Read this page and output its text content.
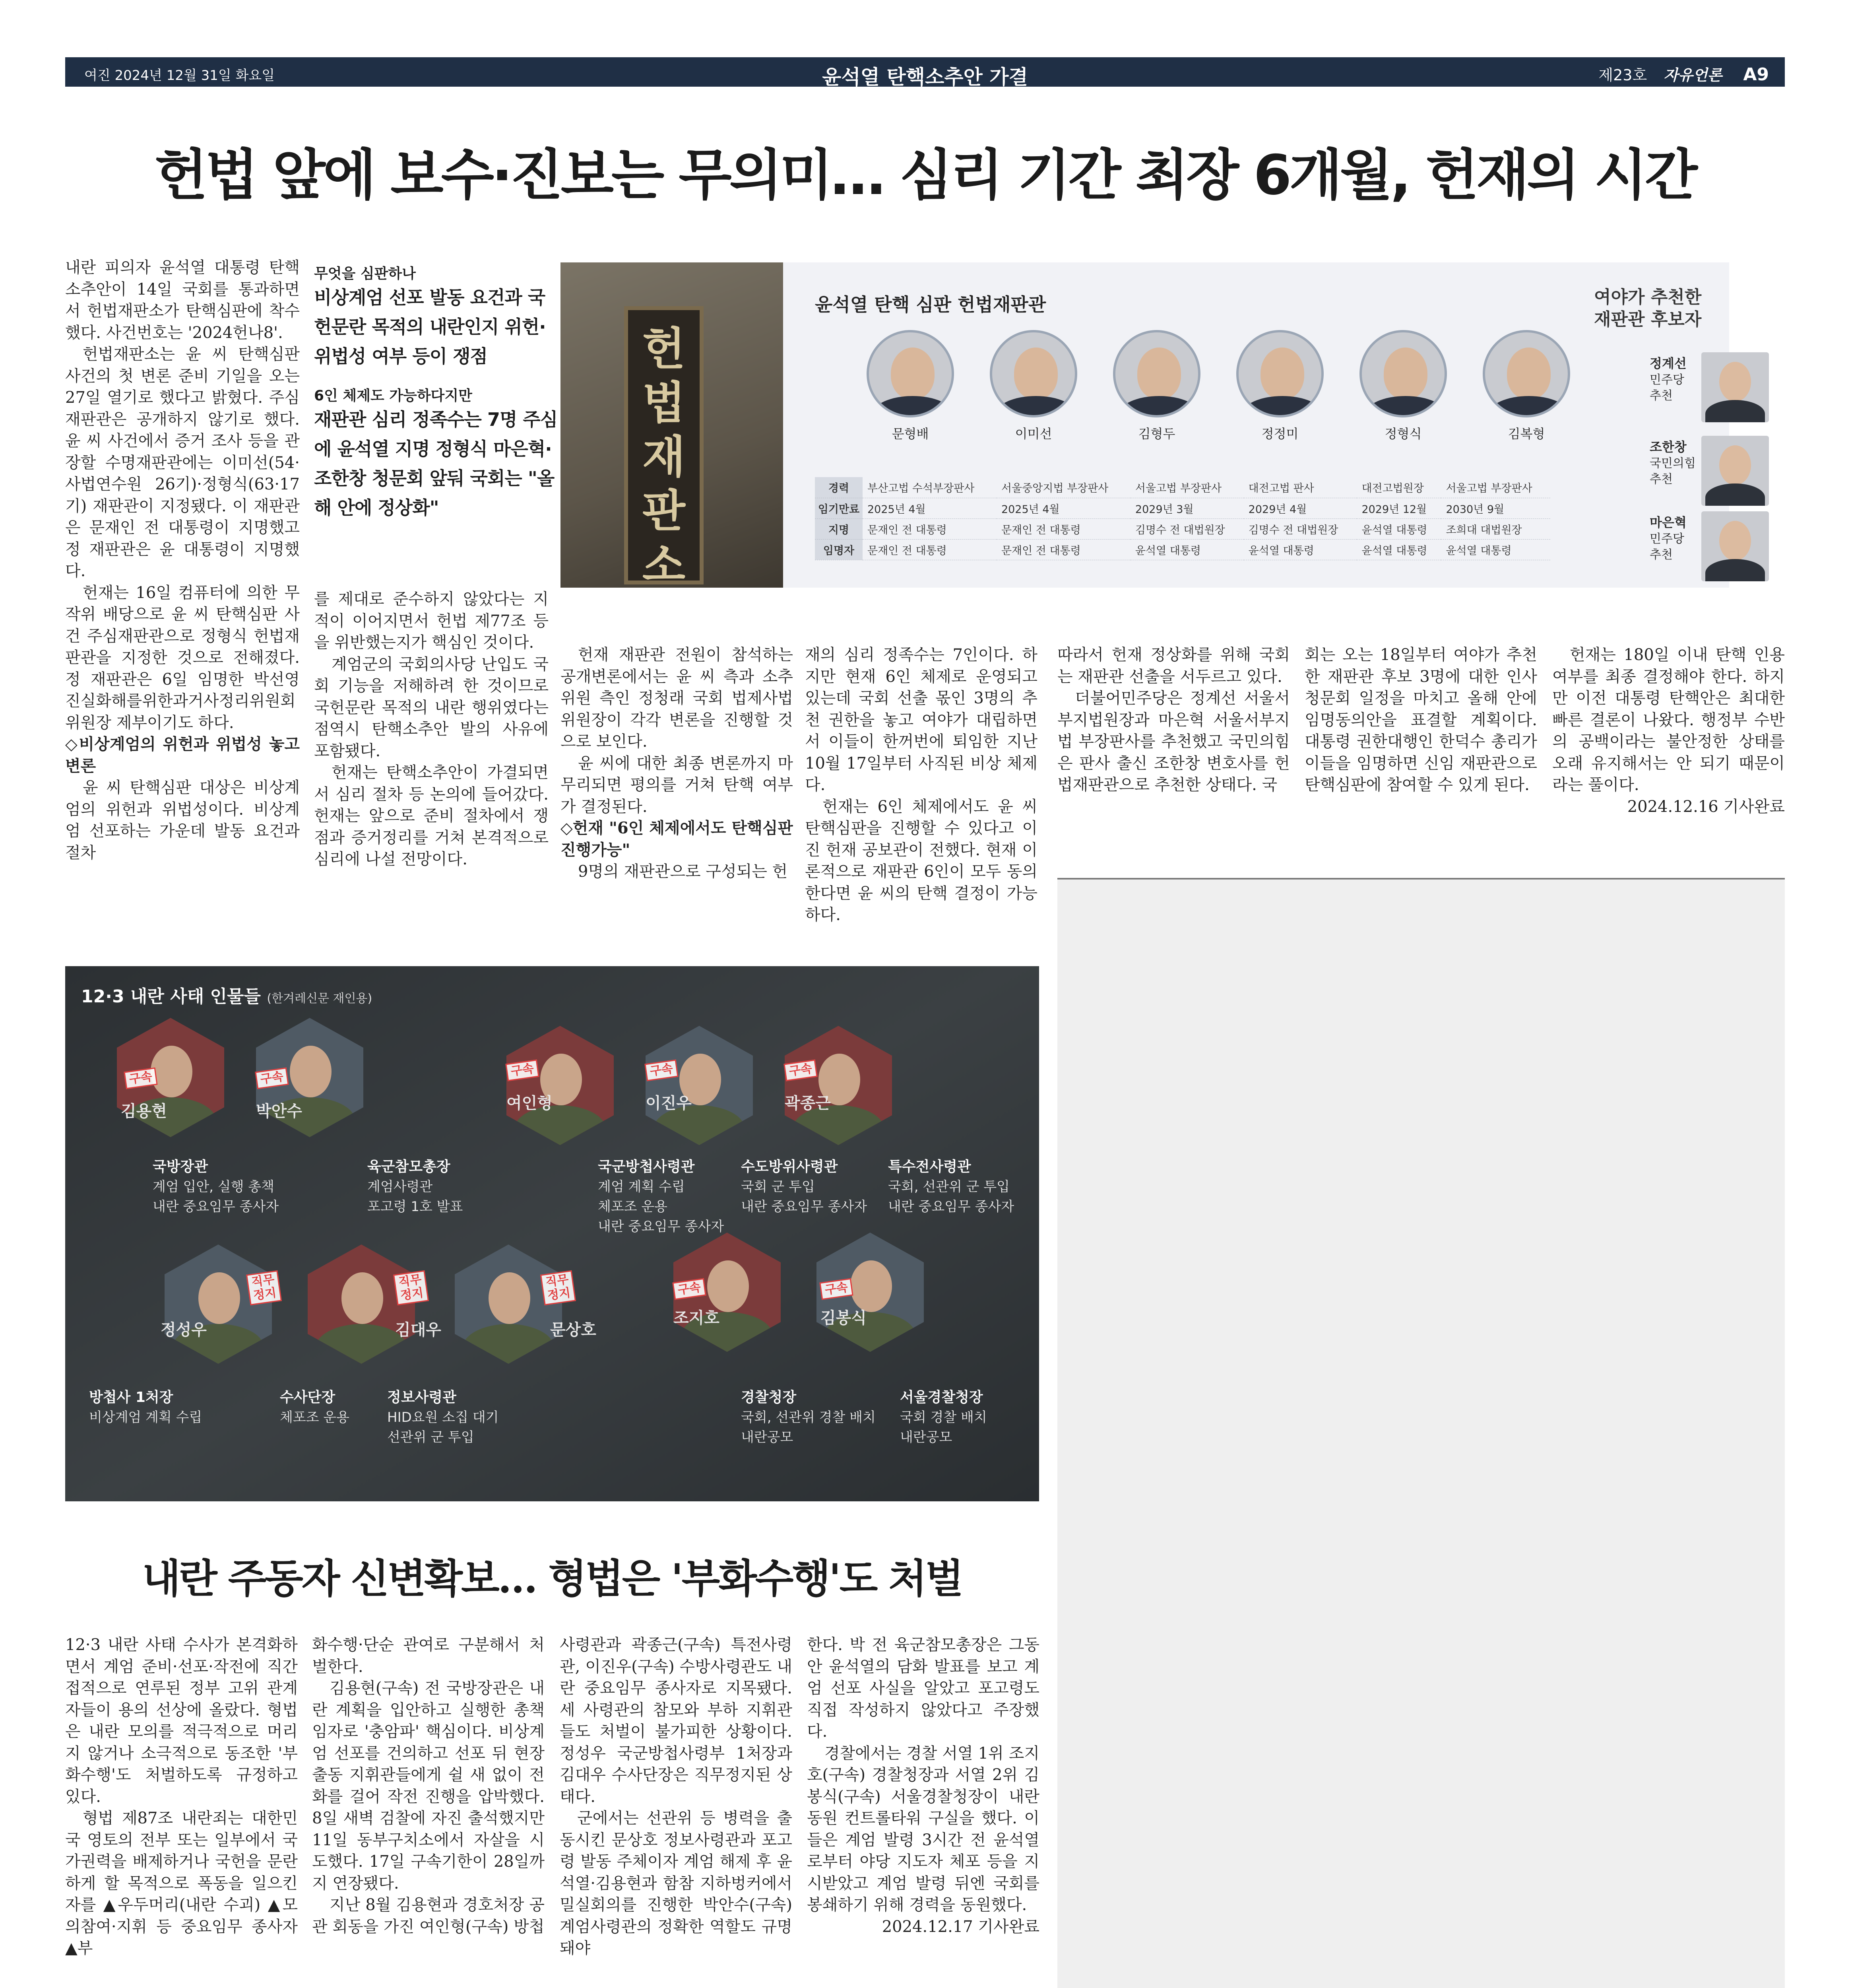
여진 2024년 12월 31일 화요일	윤석열 탄핵소추안 가결	제23호 자유언론 A9
헌법 앞에 보수·진보는 무의미… 심리 기간 최장 6개월, 헌재의 시간

내란 피의자 윤석열 대통령 탄핵소추안이 14일 국회를 통과하면서 헌법재판소가 탄핵심판에 착수했다. 사건번호는 '2024헌나8'.

헌법재판소는 윤 씨 탄핵심판 사건의 첫 변론 준비 기일을 오는 27일 열기로 했다고 밝혔다. 주심 재판관은 공개하지 않기로 했다. 윤 씨 사건에서 증거 조사 등을 관장할 수명재판관에는 이미선(54·사법연수원 26기)·정형식(63·17기) 재판관이 지정됐다. 이 재판관은 문재인 전 대통령이 지명했고 정 재판관은 윤 대통령이 지명했다.

헌재는 16일 컴퓨터에 의한 무작위 배당으로 윤 씨 탄핵심판 사건 주심재판관으로 정형식 헌법재판관을 지정한 것으로 전해졌다. 정 재판관은 6일 임명한 박선영 진실화해를위한과거사정리위원회 위원장 제부이기도 하다.

◇비상계엄의 위헌과 위법성 놓고 변론

윤 씨 탄핵심판 대상은 비상계엄의 위헌과 위법성이다. 비상계엄 선포하는 가운데 발동 요건과 절차

무엇을 심판하나
비상계엄 선포 발동 요건과 국헌문란 목적의 내란인지 위헌·위법성 여부 등이 쟁점
6인 체제도 가능하다지만
재판관 심리 정족수는 7명 주심에 윤석열 지명 정형식 마은혁·조한창 청문회 앞둬 국회는 "올해 안에 정상화"

를 제대로 준수하지 않았다는 지적이 이어지면서 헌법 제77조 등을 위반했는지가 핵심인 것이다.

계엄군의 국회의사당 난입도 국회 기능을 저해하려 한 것이므로 국헌문란 목적의 내란 행위였다는 점역시 탄핵소추안 발의 사유에 포함됐다.

헌재는 탄핵소추안이 가결되면서 심리 절차 등 논의에 들어갔다. 헌재는 앞으로 준비 절차에서 쟁점과 증거정리를 거쳐 본격적으로 심리에 나설 전망이다.

헌법재판소
윤석열 탄핵 심판 헌법재판관	여야가 추천한 재판관 후보자
문형배	이미선	김형두	정정미	정형식	김복형
경력	부산고법 수석부장판사	서울중앙지법 부장판사	서울고법 부장판사	대전고법 판사	대전고법원장	서울고법 부장판사
임기만료	2025년 4월	2025년 4월	2029년 3월	2029년 4월	2029년 12월	2030년 9월
지명	문재인 전 대통령	문재인 전 대통령	김명수 전 대법원장	김명수 전 대법원장	윤석열 대통령	조희대 대법원장
임명자	문재인 전 대통령	문재인 전 대통령	윤석열 대통령	윤석열 대통령	윤석열 대통령	윤석열 대통령
정계선
민주당
추천
조한창
국민의힘
추천
마은혁
민주당
추천

헌재 재판관 전원이 참석하는 공개변론에서는 윤 씨 측과 소추위원 측인 정청래 국회 법제사법위원장이 각각 변론을 진행할 것으로 보인다.

윤 씨에 대한 최종 변론까지 마무리되면 평의를 거쳐 탄핵 여부가 결정된다.

◇헌재 "6인 체제에서도 탄핵심판 진행가능"

9명의 재판관으로 구성되는 헌

재의 심리 정족수는 7인이다. 하지만 현재 6인 체제로 운영되고 있는데 국회 선출 몫인 3명의 추천 권한을 놓고 여야가 대립하면서 이들이 한꺼번에 퇴임한 지난 10월 17일부터 사직된 비상 체제다.

헌재는 6인 체제에서도 윤 씨 탄핵심판을 진행할 수 있다고 이진 헌재 공보관이 전했다. 현재 이론적으로 재판관 6인이 모두 동의한다면 윤 씨의 탄핵 결정이 가능하다.

따라서 헌재 정상화를 위해 국회는 재판관 선출을 서두르고 있다.

더불어민주당은 정계선 서울서부지법원장과 마은혁 서울서부지법 부장판사를 추천했고 국민의힘은 판사 출신 조한창 변호사를 헌법재판관으로 추천한 상태다. 국

회는 오는 18일부터 여야가 추천한 재판관 후보 3명에 대한 인사청문회 일정을 마치고 올해 안에 임명동의안을 표결할 계획이다. 대통령 권한대행인 한덕수 총리가 이들을 임명하면 신임 재판관으로 탄핵심판에 참여할 수 있게 된다.

헌재는 180일 이내 탄핵 인용 여부를 최종 결정해야 한다. 하지만 이전 대통령 탄핵안은 최대한 빠른 결론이 나왔다. 행정부 수반의 공백이라는 불안정한 상태를 오래 유지해서는 안 되기 때문이라는 풀이다.

2024.12.16 기사완료

12·3 내란 사태 인물들 (한겨레신문 재인용)
구속
김용현
구속
박안수
구속
여인형
구속
이진우
구속
곽종근
직무정지
정성우
직무정지
김대우
직무정지
문상호
구속
조지호
구속
김봉식
국방장관
계엄 입안, 실행 총책
내란 중요임무 종사자
육군참모총장
계엄사령관
포고령 1호 발표
국군방첩사령관
계엄 계획 수립
체포조 운용
내란 중요임무 종사자
수도방위사령관
국회 군 투입
내란 중요임무 종사자
특수전사령관
국회, 선관위 군 투입
내란 중요임무 종사자
방첩사 1처장
비상계엄 계획 수립
수사단장
체포조 운용
정보사령관
HID요원 소집 대기
선관위 군 투입
경찰청장
국회, 선관위 경찰 배치
내란공모
서울경찰청장
국회 경찰 배치
내란공모
내란 주동자 신변확보… 형법은 '부화수행'도 처벌

12·3 내란 사태 수사가 본격화하면서 계엄 준비·선포·작전에 직간접적으로 연루된 정부 고위 관계자들이 용의 선상에 올랐다. 형법은 내란 모의를 적극적으로 머리지 않거나 소극적으로 동조한 '부화수행'도 처벌하도록 규정하고 있다.

형법 제87조 내란죄는 대한민국 영토의 전부 또는 일부에서 국가권력을 배제하거나 국헌을 문란하게 할 목적으로 폭동을 일으킨 자를 ▲우두머리(내란 수괴) ▲모의참여·지휘 등 중요임무 종사자 ▲부

화수행·단순 관여로 구분해서 처벌한다.

김용현(구속) 전 국방장관은 내란 계획을 입안하고 실행한 총책임자로 '충암파' 핵심이다. 비상계엄 선포를 건의하고 선포 뒤 현장출동 지휘관들에게 쉴 새 없이 전화를 걸어 작전 진행을 압박했다. 8일 새벽 검찰에 자진 출석했지만 11일 동부구치소에서 자살을 시도했다. 17일 구속기한이 28일까지 연장됐다.

지난 8월 김용현과 경호처장 공관 회동을 가진 여인형(구속) 방첩

사령관과 곽종근(구속) 특전사령관, 이진우(구속) 수방사령관도 내란 중요임무 종사자로 지목됐다. 세 사령관의 참모와 부하 지휘관들도 처벌이 불가피한 상황이다. 정성우 국군방첩사령부 1처장과 김대우 수사단장은 직무정지된 상태다.

군에서는 선관위 등 병력을 출동시킨 문상호 정보사령관과 포고령 발동 주체이자 계엄 해제 후 윤석열·김용현과 함참 지하벙커에서 밀실회의를 진행한 박안수(구속) 계엄사령관의 정확한 역할도 규명돼야

한다. 박 전 육군참모총장은 그동안 윤석열의 담화 발표를 보고 계엄 선포 사실을 알았고 포고령도 직접 작성하지 않았다고 주장했다.

경찰에서는 경찰 서열 1위 조지호(구속) 경찰청장과 서열 2위 김봉식(구속) 서울경찰청장이 내란 동원 컨트롤타워 구실을 했다. 이들은 계엄 발령 3시간 전 윤석열로부터 야당 지도자 체포 등을 지시받았고 계엄 발령 뒤엔 국회를 봉쇄하기 위해 경력을 동원했다.

2024.12.17 기사완료
